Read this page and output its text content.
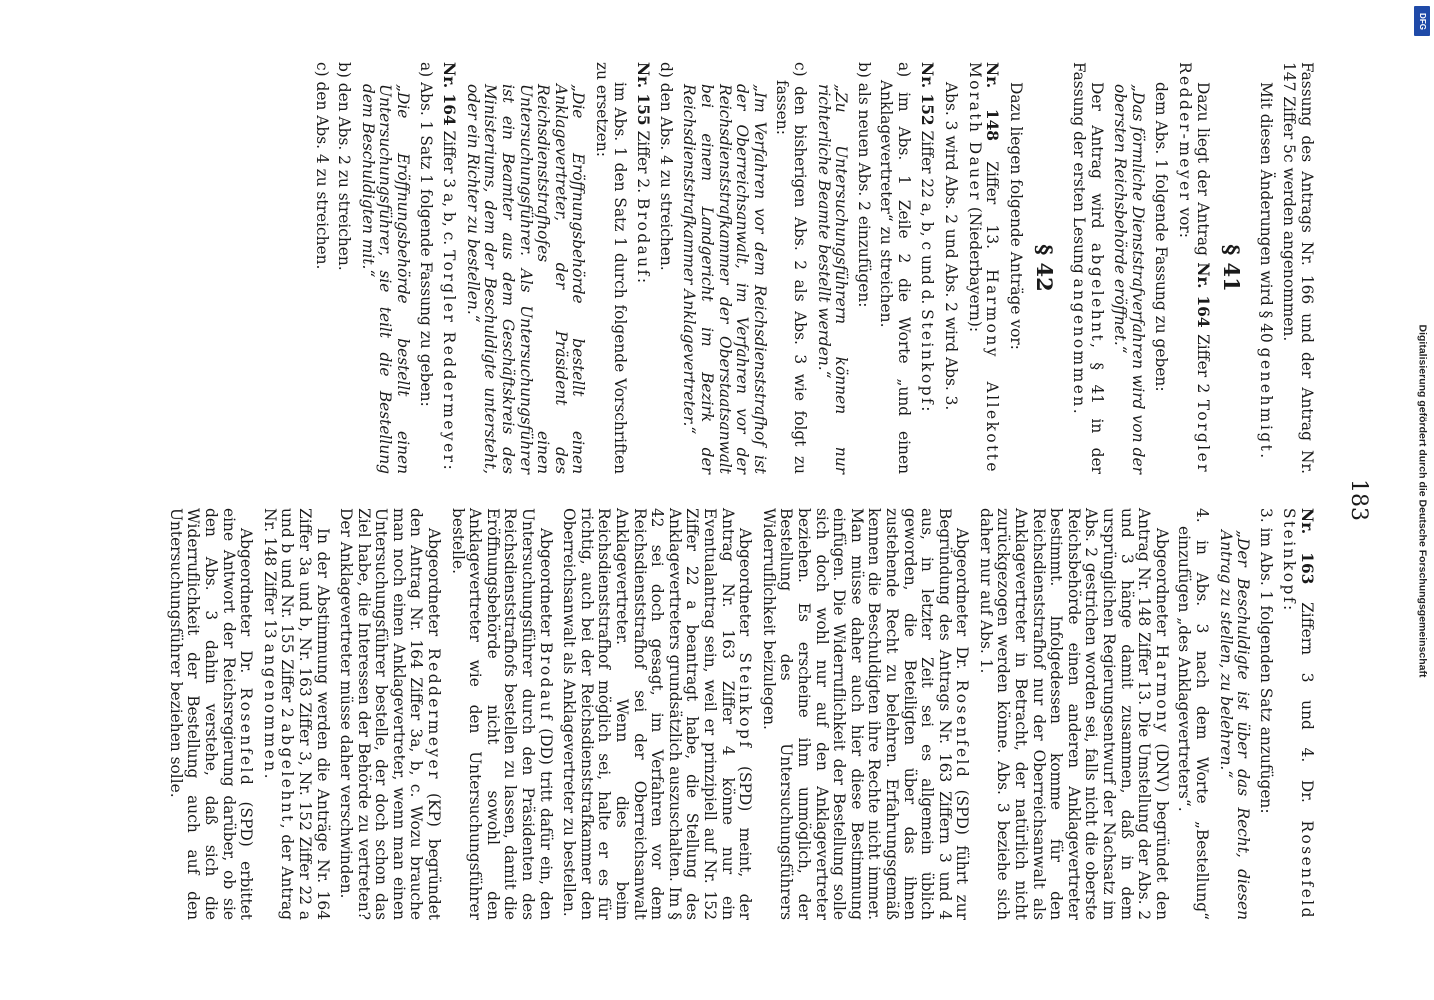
183

Fassung des Antrags Nr. 166 und der Antrag Nr. 147 Ziffer 5c werden angenommen.

Mit diesen Änderungen wird § 40 genehmigt.

§ 41

Dazu liegt der Antrag Nr. 164 Ziffer 2 Torgler Redder-meyer vor:

dem Abs. 1 folgende Fassung zu geben:

„Das förmliche Dienststrafverfahren wird von der obersten Reichsbehörde eröffnet.“

Der Antrag wird abgelehnt, § 41 in der Fassung der ersten Lesung angenommen.

§ 42

Dazu liegen folgende Anträge vor:

Nr. 148 Ziffer 13. Harmony Allekotte Morath Dauer (Niederbayern):

Abs. 3 wird Abs. 2 und Abs. 2 wird Abs. 3.

Nr. 152 Ziffer 22 a, b, c und d. Steinkopf:

a) im Abs. 1 Zeile 2 die Worte „und einen Anklagevertreter“ zu streichen.

b) als neuen Abs. 2 einzufügen:

„Zu Untersuchungsführern können nur richterliche Beamte bestellt werden.“

c) den bisherigen Abs. 2 als Abs. 3 wie folgt zu fassen:

„Im Verfahren vor dem Reichsdienststrafhof ist der Oberreichsanwalt, im Verfahren vor der Reichsdienststrafkammer der Oberstaatsanwalt bei einem Landgericht im Bezirk der Reichsdienststrafkammer Anklagevertreter.“

d) den Abs. 4 zu streichen.

Nr. 155 Ziffer 2. Brodauf:

im Abs. 1 den Satz 1 durch folgende Vorschriften zu ersetzen:

„Die Eröffnungsbehörde bestellt einen Anklagevertreter, der Präsident des Reichsdienststrafhofes einen Untersuchungsführer. Als Untersuchungsführer ist ein Beamter aus dem Geschäftskreis des Ministeriums, dem der Beschuldigte untersteht, oder ein Richter zu bestellen.“

Nr. 164 Ziffer 3 a, b, c. Torgler Reddermeyer:

a) Abs. 1 Satz 1 folgende Fassung zu geben:

„Die Eröffnungsbehörde bestellt einen Untersuchungsführer, sie teilt die Bestellung dem Beschuldigten mit.“

b) den Abs. 2 zu streichen.

c) den Abs. 4 zu streichen.

Nr. 163 Ziffern 3 und 4. Dr. Rosenfeld Steinkopf:

3. im Abs. 1 folgenden Satz anzufügen:

„Der Beschuldigte ist über das Recht, diesen Antrag zu stellen, zu belehren.“

4. in Abs. 3 nach dem Worte „Bestellung“ einzufügen „des Anklagevertreters“.

Abgeordneter Harmony (DNV) begründet den Antrag Nr. 148 Ziffer 13. Die Umstellung der Abs. 2 und 3 hänge damit zusammen, daß in dem ursprünglichen Regierungsentwurf der Nachsatz im Abs. 2 gestrichen worden sei, falls nicht die oberste Reichsbehörde einen anderen Anklagevertreter bestimmt. Infolgedessen komme für den Reichsdienststrafhof nur der Oberreichsanwalt als Anklagevertreter in Betracht, der natürlich nicht zurückgezogen werden könne. Abs. 3 beziehe sich daher nur auf Abs. 1.

Abgeordneter Dr. Rosenfeld (SPD) führt zur Begründung des Antrags Nr. 163 Ziffern 3 und 4 aus, in letzter Zeit sei es allgemein üblich geworden, die Beteiligten über das ihnen zustehende Recht zu belehren. Erfahrungsgemäß kennen die Beschuldigten ihre Rechte nicht immer. Man müsse daher auch hier diese Bestimmung einfügen. Die Widerruflichkeit der Bestellung solle sich doch wohl nur auf den Anklagevertreter beziehen. Es erscheine ihm unmöglich, der Bestellung des Untersuchungsführers Widerruflichkeit beizulegen.

Abgeordneter Steinkopf (SPD) meint, der Antrag Nr. 163 Ziffer 4 könne nur ein Eventualantrag sein, weil er prinzipiell auf Nr. 152 Ziffer 22 a beantragt habe, die Stellung des Anklagevertreters grundsätzlich auszuschalten. Im § 42 sei doch gesagt, im Verfahren vor dem Reichsdienststrafhof sei der Oberreichsanwalt Anklagevertreter. Wenn dies beim Reichsdienststrafhof möglich sei, halte er es für richtig, auch bei der Reichsdienststrafkammer den Oberreichsanwalt als Anklagevertreter zu bestellen.

Abgeordneter Brodauf (DD) tritt dafür ein, den Untersuchungsführer durch den Präsidenten des Reichsdienststrafhofs bestellen zu lassen, damit die Eröffnungsbehörde nicht sowohl den Anklagevertreter wie den Untersuchungsführer bestelle.

Abgeordneter Reddermeyer (KP) begründet den Antrag Nr. 164 Ziffer 3a, b, c. Wozu brauche man noch einen Anklagevertreter, wenn man einen Untersuchungsführer bestelle, der doch schon das Ziel habe, die Interessen der Behörde zu vertreten? Der Anklagevertreter müsse daher verschwinden.

In der Abstimmung werden die Anträge Nr. 164 Ziffer 3a und b, Nr. 163 Ziffer 3, Nr. 152 Ziffer 22 a und b und Nr. 155 Ziffer 2 abgelehnt, der Antrag Nr. 148 Ziffer 13 angenommen.

Abgeordneter Dr. Rosenfeld (SPD) erbittet eine Antwort der Reichsregierung darüber, ob sie den Abs. 3 dahin verstehe, daß sich die Widerruflichkeit der Bestellung auch auf den Untersuchungsführer beziehen solle.	Digitalisierung gefördert durch die Deutsche Forschungsgemeinschaft
DFG
